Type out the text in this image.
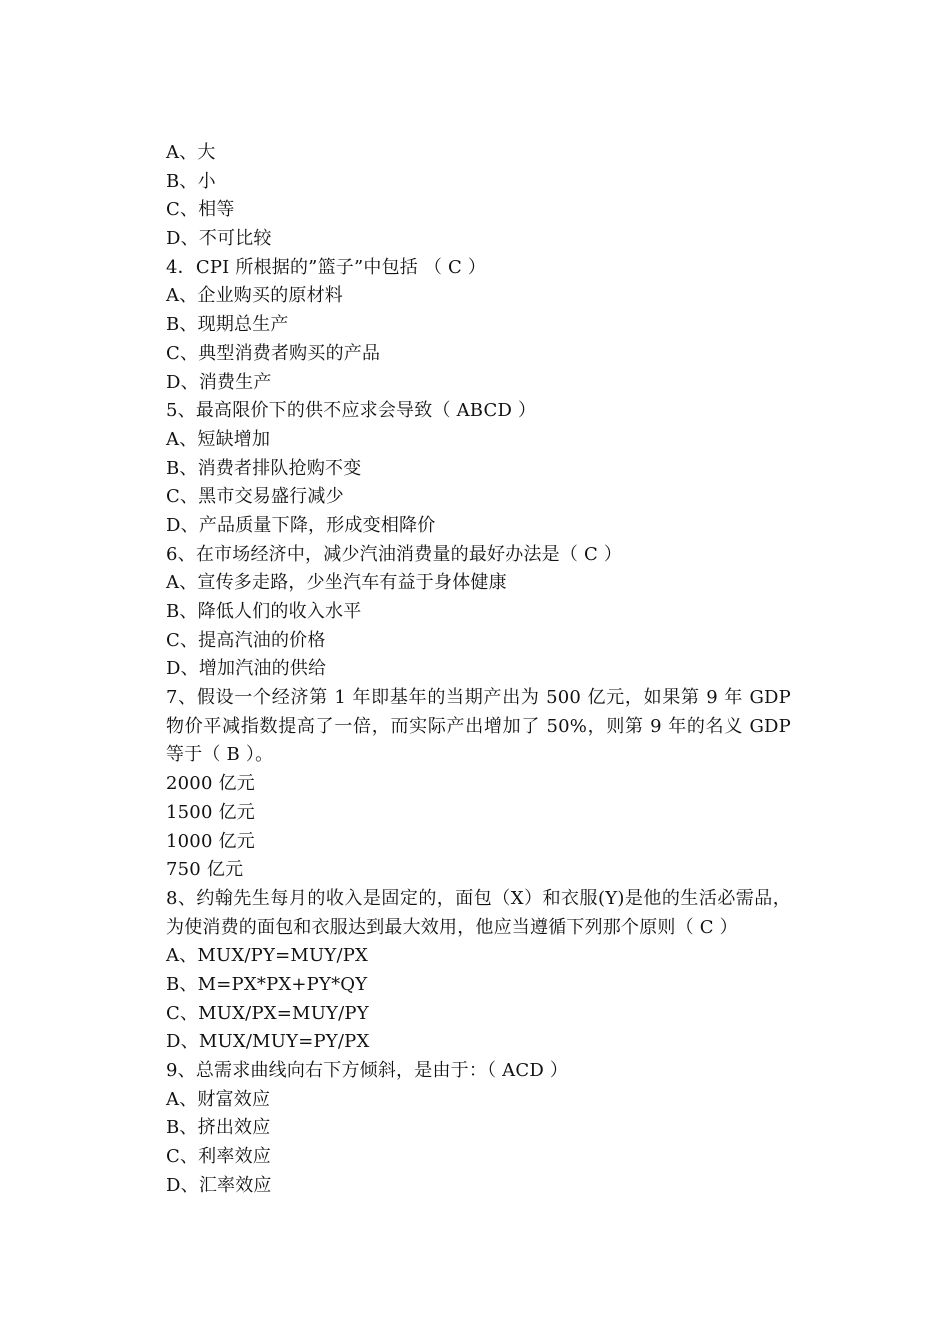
A、大
B、小
C、相等
D、不可比较
4．CPI 所根据的”篮子”中包括 （ C ）
A、企业购买的原材料
B、现期总生产
C、典型消费者购买的产品
D、消费生产
5、最高限价下的供不应求会导致（ ABCD ）
A、短缺增加
B、消费者排队抢购不变
C、黑市交易盛行减少
D、产品质量下降，形成变相降价
6、在市场经济中，减少汽油消费量的最好办法是（ C ）
A、宣传多走路，少坐汽车有益于身体健康
B、降低人们的收入水平
C、提高汽油的价格
D、增加汽油的供给
7、假设一个经济第 1 年即基年的当期产出为 500 亿元，如果第 9 年 GDP 物价平减指数提高了一倍，而实际产出增加了 50%，则第 9 年的名义 GDP 等于（ B ）。
2000 亿元
1500 亿元
1000 亿元
750 亿元
8、约翰先生每月的收入是固定的，面包（X）和衣服(Y)是他的生活必需品，为使消费的面包和衣服达到最大效用，他应当遵循下列那个原则（ C ）
A、MUX/PY=MUY/PX
B、M=PX*PX+PY*QY
C、MUX/PX=MUY/PY
D、MUX/MUY=PY/PX
9、总需求曲线向右下方倾斜，是由于：（ ACD ）
A、财富效应
B、挤出效应
C、利率效应
D、汇率效应
